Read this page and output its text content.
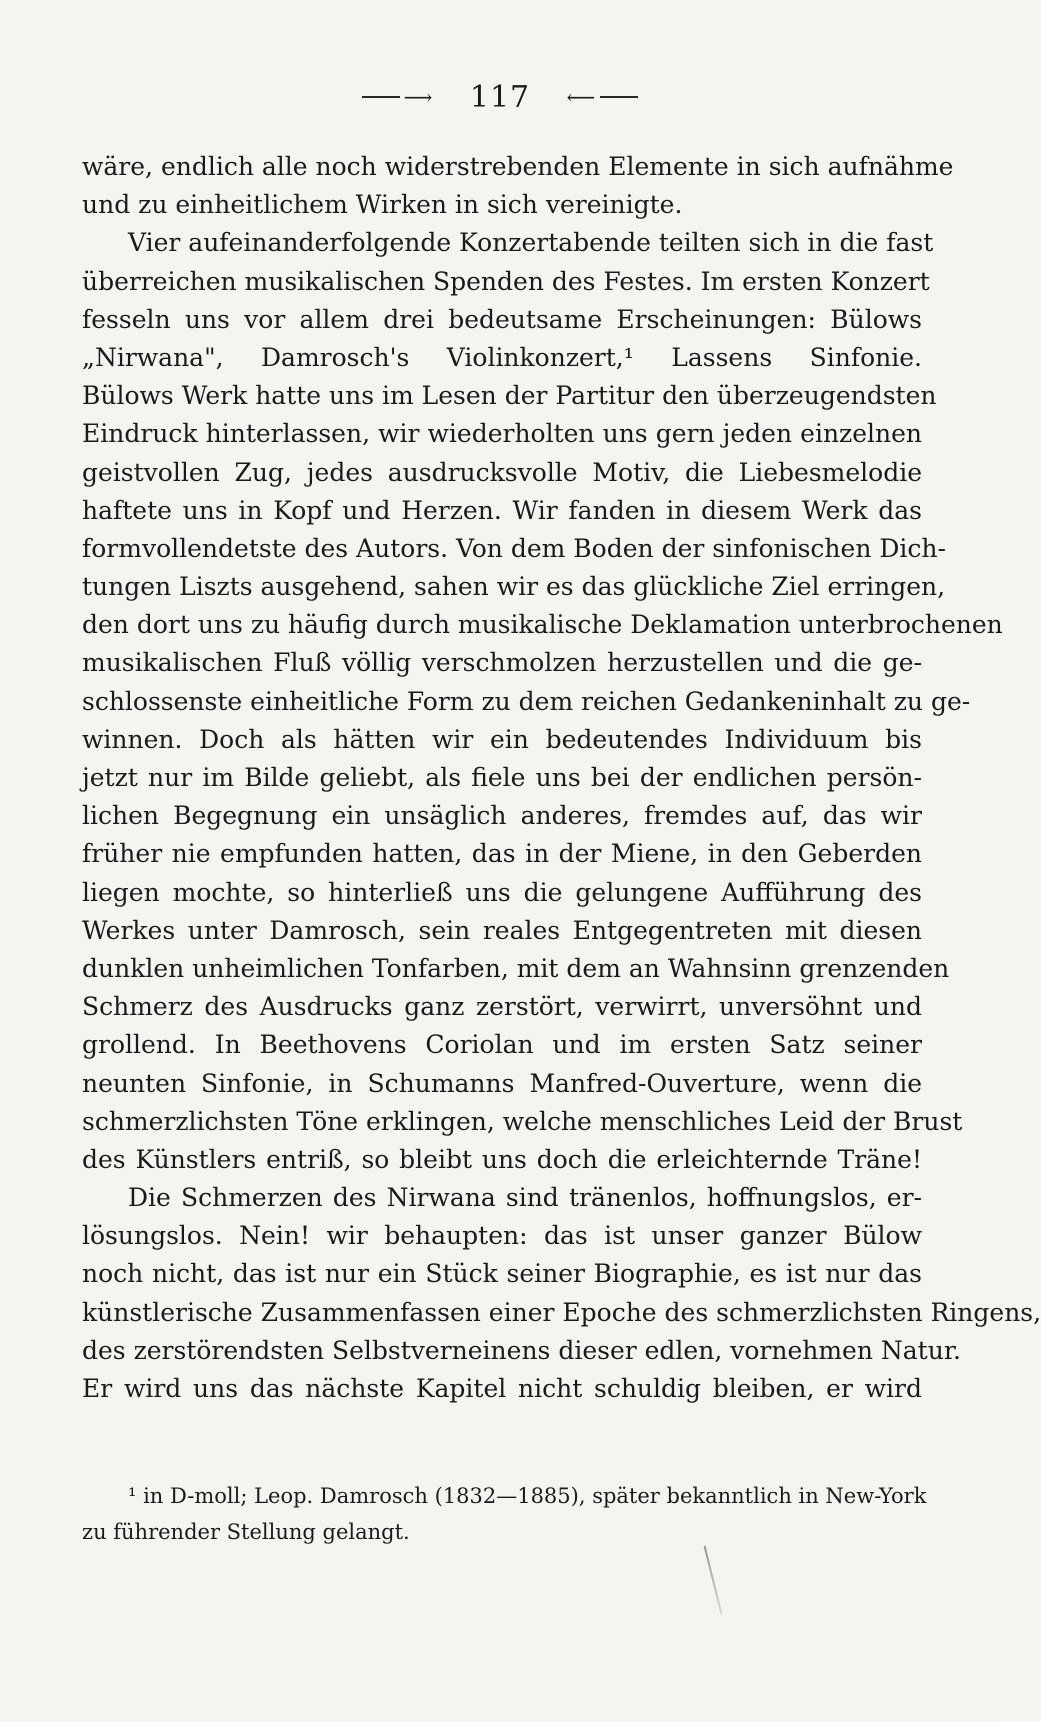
⟶ 117 ⟵
wäre, endlich alle noch widerstrebenden Elemente in sich aufnähme
und zu einheitlichem Wirken in sich vereinigte.
Vier aufeinanderfolgende Konzertabende teilten sich in die fast
überreichen musikalischen Spenden des Festes. Im ersten Konzert
fesseln uns vor allem drei bedeutsame Erscheinungen: Bülows
„Nirwana", Damrosch's Violinkonzert,¹ Lassens Sinfonie.
Bülows Werk hatte uns im Lesen der Partitur den überzeugendsten
Eindruck hinterlassen, wir wiederholten uns gern jeden einzelnen
geistvollen Zug, jedes ausdrucksvolle Motiv, die Liebesmelodie
haftete uns in Kopf und Herzen. Wir fanden in diesem Werk das
formvollendetste des Autors. Von dem Boden der sinfonischen Dich-
tungen Liszts ausgehend, sahen wir es das glückliche Ziel erringen,
den dort uns zu häufig durch musikalische Deklamation unterbrochenen
musikalischen Fluß völlig verschmolzen herzustellen und die ge-
schlossenste einheitliche Form zu dem reichen Gedankeninhalt zu ge-
winnen. Doch als hätten wir ein bedeutendes Individuum bis
jetzt nur im Bilde geliebt, als fiele uns bei der endlichen persön-
lichen Begegnung ein unsäglich anderes, fremdes auf, das wir
früher nie empfunden hatten, das in der Miene, in den Geberden
liegen mochte, so hinterließ uns die gelungene Aufführung des
Werkes unter Damrosch, sein reales Entgegentreten mit diesen
dunklen unheimlichen Tonfarben, mit dem an Wahnsinn grenzenden
Schmerz des Ausdrucks ganz zerstört, verwirrt, unversöhnt und
grollend. In Beethovens Coriolan und im ersten Satz seiner
neunten Sinfonie, in Schumanns Manfred-Ouverture, wenn die
schmerzlichsten Töne erklingen, welche menschliches Leid der Brust
des Künstlers entriß, so bleibt uns doch die erleichternde Träne!
Die Schmerzen des Nirwana sind tränenlos, hoffnungslos, er-
lösungslos. Nein! wir behaupten: das ist unser ganzer Bülow
noch nicht, das ist nur ein Stück seiner Biographie, es ist nur das
künstlerische Zusammenfassen einer Epoche des schmerzlichsten Ringens,
des zerstörendsten Selbstverneinens dieser edlen, vornehmen Natur.
Er wird uns das nächste Kapitel nicht schuldig bleiben, er wird
¹ in D-moll; Leop. Damrosch (1832—1885), später bekanntlich in New-York
zu führender Stellung gelangt.
